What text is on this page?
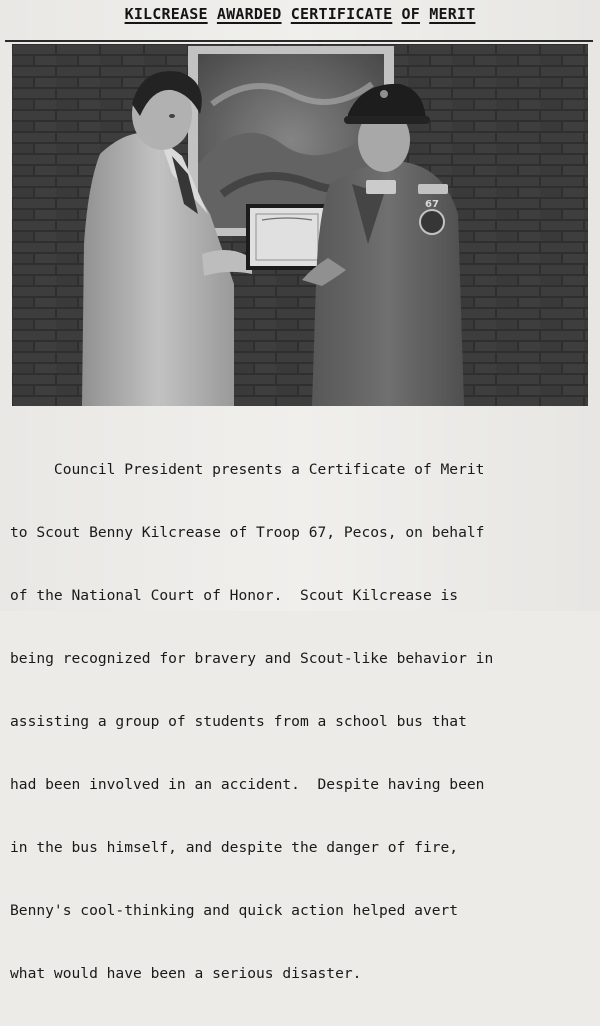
KILCREASE AWARDED CERTIFICATE OF MERIT
67

Council President presents a Certificate of Merit

to Scout Benny Kilcrease of Troop 67, Pecos, on behalf

of the National Court of Honor.  Scout Kilcrease is

being recognized for bravery and Scout-like behavior in

assisting a group of students from a school bus that

had been involved in an accident.  Despite having been

in the bus himself, and despite the danger of fire,

Benny's cool-thinking and quick action helped avert

what would have been a serious disaster.
